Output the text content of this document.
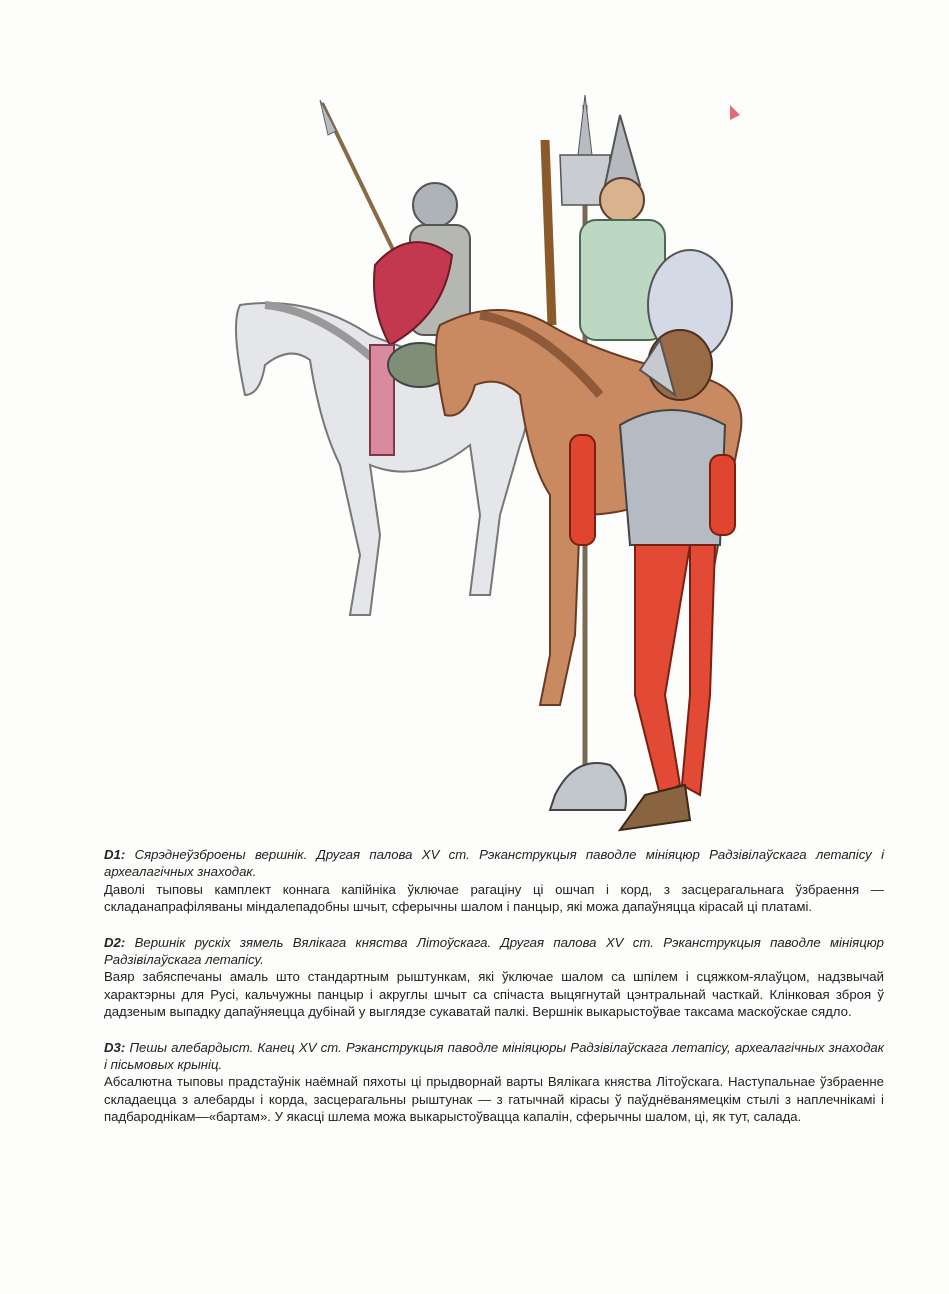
D1: Сярэднеўзброены вершнік. Другая палова XV ст. Рэканструкцыя паводле мініяцюр Радзівілаўскага летапісу і археалагічных знаходак.
Даволі тыповы камплект коннага капійніка ўключае рагаціну ці ошчап і корд, з засцерагальнага ўзбраення — складанапрафіляваны міндалепадобны шчыт, сферычны шалом і панцыр, які можа дапаўняцца кірасай ці платамі.
D2: Вершнік рускіх зямель Вялікага княства Літоўскага. Другая палова XV ст. Рэканструкцыя паводле мініяцюр Радзівілаўскага летапісу.
Ваяр забяспечаны амаль што стандартным рыштункам, які ўключае шалом са шпілем і сцяжком-ялаўцом, надзвычай характэрны для Русі, кальчужны панцыр і акруглы шчыт са спічаста выцягнутай цэнтральнай часткай. Клінковая зброя ў дадзеным выпадку дапаўняецца дубінай у выглядзе сукаватай палкі. Вершнік выкарыстоўвае таксама маскоўскае сядло.
D3: Пешы алебардыст. Канец XV ст. Рэканструкцыя паводле мініяцюры Радзівілаўскага летапісу, археалагічных знаходак і пісьмовых крыніц.
Абсалютна тыповы прадстаўнік наёмнай пяхоты ці прыдворнай варты Вялікага княства Літоўскага. Наступальнае ўзбраенне складаецца з алебарды і корда, засцерагальны рыштунак — з гатычнай кірасы ў паўднёванямецкім стылі з наплечнікамі і падбароднікам—«бартам». У якасці шлема можа выкарыстоўвацца капалін, сферычны шалом, ці, як тут, салада.
